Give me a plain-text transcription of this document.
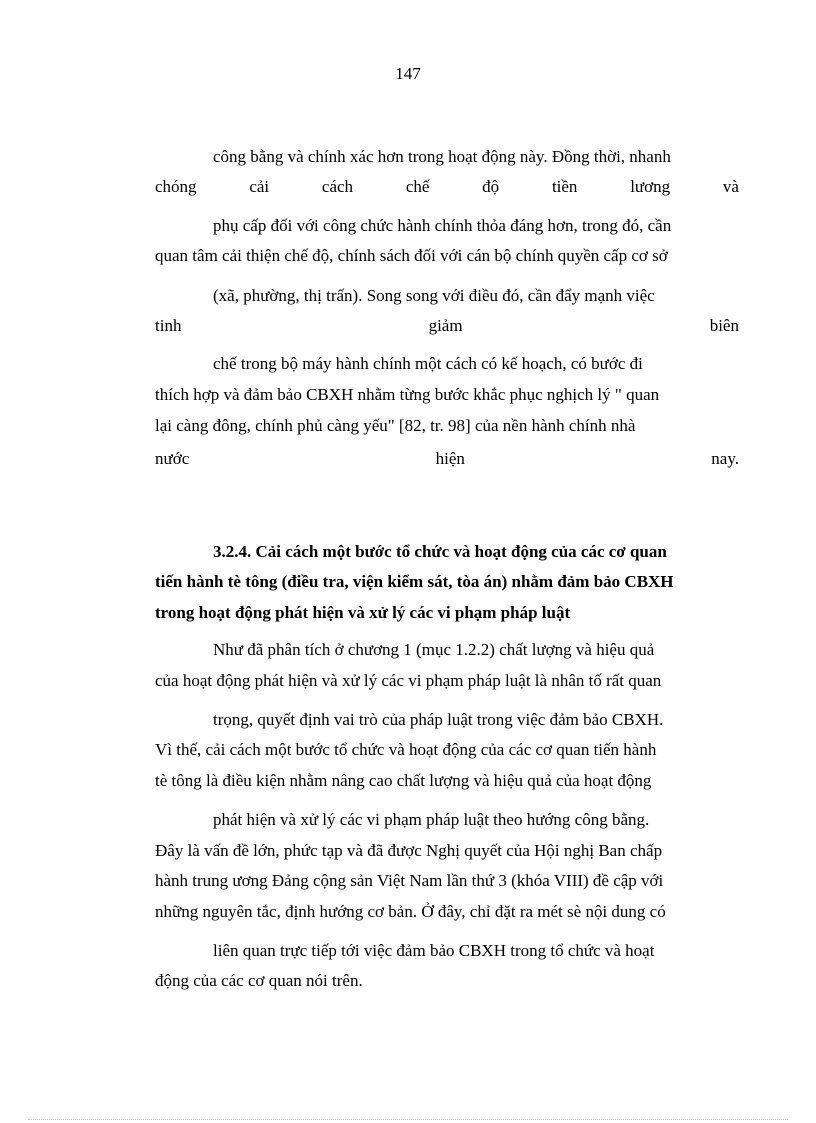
147
công bằng và chính xác hơn trong hoạt động này. Đồng thời, nhanh
chóng	cải	cách	chế	độ	tiền	lương	và
phụ cấp đối với công chức hành chính thỏa đáng hơn, trong đó, cần
quan tâm cải thiện chế độ, chính sách đối với cán bộ chính quyền cấp cơ sở
(xã, phường, thị trấn). Song song với điều đó, cần đẩy mạnh việc
tinh	giảm	biên
chế trong bộ máy hành chính một cách có kế hoạch, có bước đi
thích hợp và đảm bảo CBXH nhằm từng bước khắc phục nghịch lý " quan
lại càng đông, chính phủ càng yếu" [82, tr. 98] của nền hành chính nhà
nước	hiện	nay.
3.2.4. Cải cách một bước tổ chức và hoạt động của các cơ quan
tiến hành tè tông (điều tra, viện kiểm sát, tòa án) nhằm đảm bảo CBXH
trong hoạt động phát hiện và xử lý các vi phạm pháp luật
Như đã phân tích ở chương 1 (mục 1.2.2) chất lượng và hiệu quả
của hoạt động phát hiện và xử lý các vi phạm pháp luật là nhân tố rất quan
trọng, quyết định vai trò của pháp luật trong việc đảm bảo CBXH.
Vì thế, cải cách một bước tổ chức và hoạt động của các cơ quan tiến hành
tè tông là điều kiện nhằm nâng cao chất lượng và hiệu quả của hoạt động
phát hiện và xử lý các vi phạm pháp luật theo hướng công bằng.
Đây là vấn đề lớn, phức tạp và đã được Nghị quyết của Hội nghị Ban chấp
hành trung ương Đảng cộng sản Việt Nam lần thứ 3 (khóa VIII) đề cập với
những nguyên tắc, định hướng cơ bản. Ở đây, chỉ đặt ra mét sè nội dung có
liên quan trực tiếp tới việc đảm bảo CBXH trong tổ chức và hoạt
động của các cơ quan nói trên.
